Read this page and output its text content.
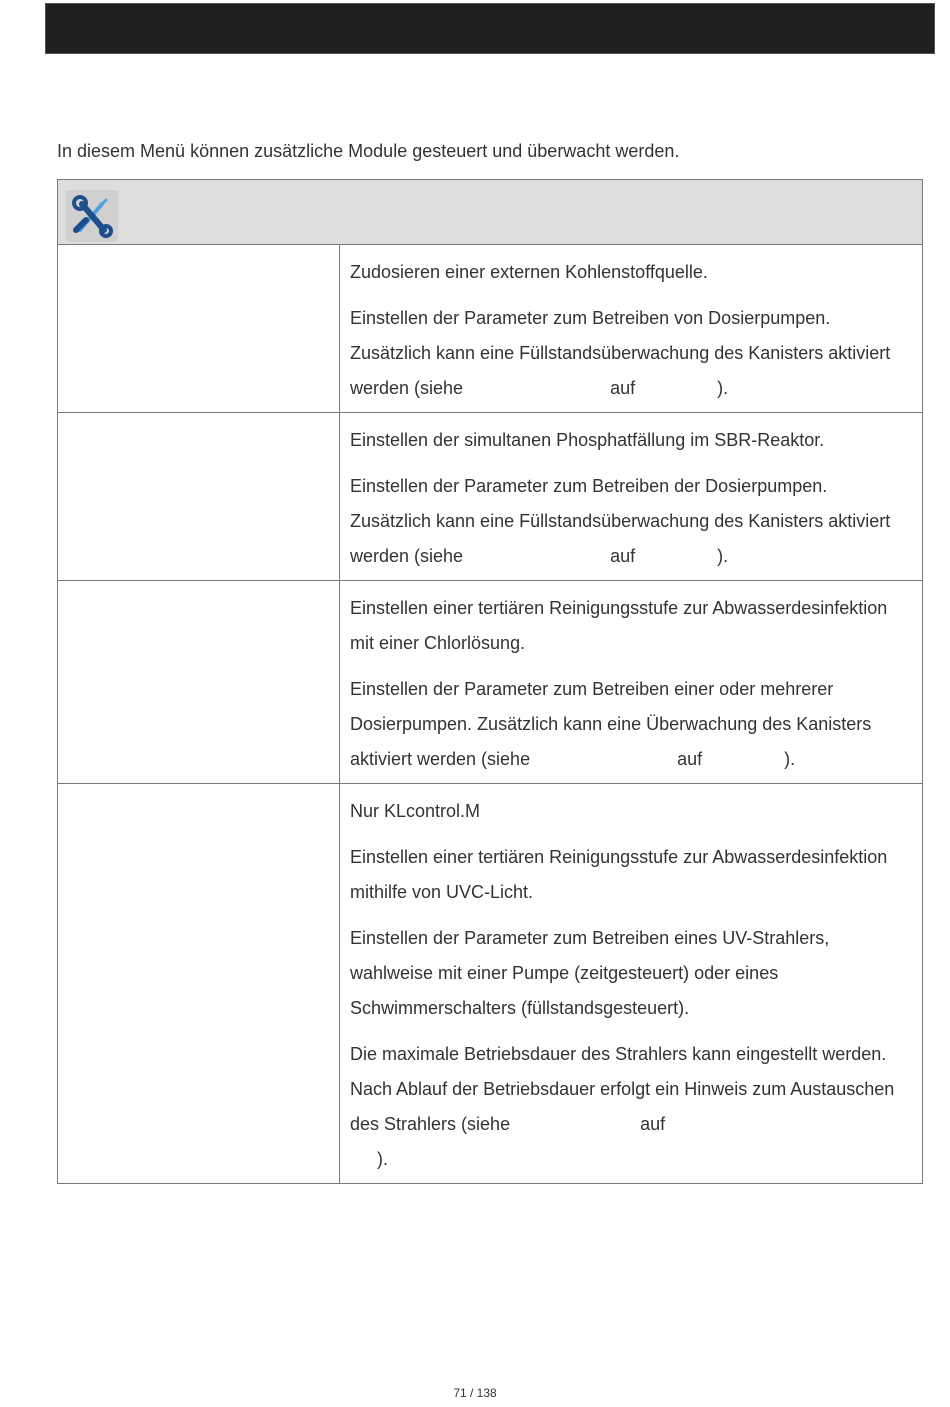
In diesem Menü können zusätzliche Module gesteuert und überwacht werden.

Zudosieren einer externen Kohlenstoffquelle.

Einstellen der Parameter zum Betreiben von Dosierpumpen. Zusätzlich kann eine Füllstandsüberwachung des Kanisters aktiviert werden (siehe	auf	).

Einstellen der simultanen Phosphatfällung im SBR-Reaktor.

Einstellen der Parameter zum Betreiben der Dosierpumpen. Zusätzlich kann eine Füllstandsüberwachung des Kanisters aktiviert werden (siehe	auf	).

Einstellen einer tertiären Reinigungsstufe zur Abwasserdesinfektion mit einer Chlorlösung.

Einstellen der Parameter zum Betreiben einer oder mehrerer Dosierpumpen. Zusätzlich kann eine Überwachung des Kanisters aktiviert werden (siehe	auf	).

Nur KLcontrol.M

Einstellen einer tertiären Reinigungsstufe zur Abwasserdesinfektion mithilfe von UVC-Licht.

Einstellen der Parameter zum Betreiben eines UV-Strahlers, wahlweise mit einer Pumpe (zeitgesteuert) oder eines Schwimmerschalters (füllstandsgesteuert).

Die maximale Betriebsdauer des Strahlers kann eingestellt werden. Nach Ablauf der Betriebsdauer erfolgt ein Hinweis zum Austauschen des Strahlers (siehe	auf
).

71 / 138
